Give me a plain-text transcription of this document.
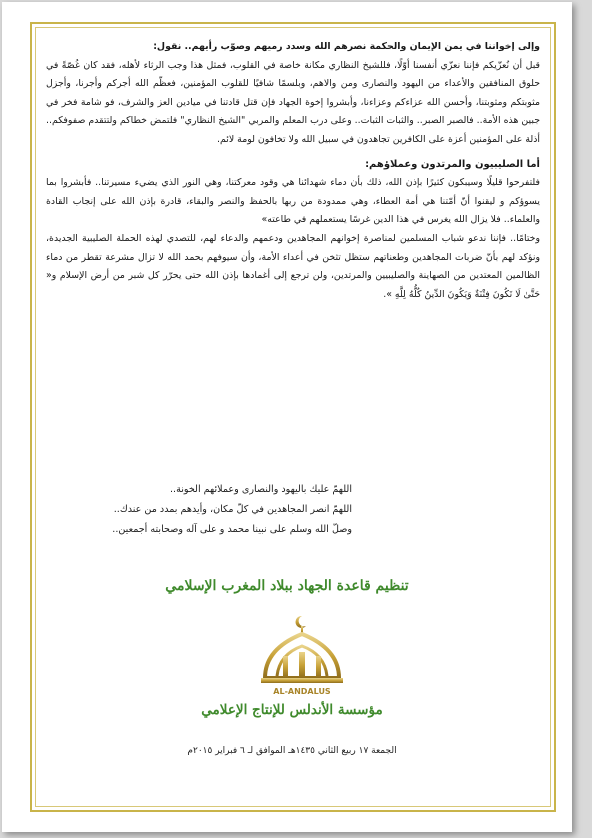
وإلى إخواننا في يمن الإيمان والحكمة نصرهم الله وسدد رميهم وصوّب رأيهم.. نقول:

قبل أن نُعزّيكم فإننا نعزّي أنفسنا أوّلًا، فللشيخ النظاري مكانة خاصة في القلوب، فمثل هذا وجب الرثاء لأهله، فقد كان غُصّةً في حلوق المنافقين والأعداء من اليهود والنصارى ومن والاهم، وبلسمًا شافيًا للقلوب المؤمنين، فعظّم الله أجركم وأجرنا، وأجزل مثوبتكم ومثوبتنا، وأحسن الله عزاءكم وعزاءنا، وأبشروا إخوة الجهاد فإن قتل قادتنا في ميادين العز والشرف، فو شامة فخر في جبين هذه الأمة.. فالصبر الصبر.. والثبات الثبات.. وعلى درب المعلم والمربي "الشيخ النظاري" فلتمض خطاكم ولتتقدم صفوفكم.. أذلة على المؤمنين أعزة على الكافرين تجاهدون في سبيل الله ولا تخافون لومة لائم.

أما الصليبيون والمرتدون وعملاؤهم:

فلتفرحوا قليلًا وسيبكون كثيرًا بإذن الله، ذلك بأن دماء شهدائنا هي وقود معركتنا، وهي النور الذي يضيء مسيرتنا.. فأبشروا بما يسوؤكم و ليقنوا أنّ أمّتنا هي أمة العطاء، وهي ممدودة من ربها بالحفظ والنصر والبقاء، قادرة بإذن الله على إنجاب القادة والعلماء.. فلا يزال الله يغرس في هذا الدين غرسًا يستعملهم في طاعته»

وختامًا.. فإننا ندعو شباب المسلمين لمناصرة إخوانهم المجاهدين ودعمهم والدعاء لهم، للتصدي لهذه الحملة الصليبية الجديدة، ونؤكد لهم بأنّ ضربات المجاهدين وطعناتهم ستظل تثخن في أعداء الأمة، وأن سيوفهم بحمد الله لا تزال مشرعة تقطر من دماء الظالمين المعتدين من الصهاينة والصليبيين والمرتدين، ولن ترجع إلى أغمادها بإذن الله حتى يحرّر كل شبر من أرض الإسلام و« حَتَّىٰ لَا تَكُونَ فِتْنَةٌ وَيَكُونَ الدِّينُ كُلُّهُ لِلَّهِ ».

اللهمّ عليك باليهود والنصارى وعملائهم الخونة..

اللهمّ انصر المجاهدين في كلّ مكان، وأيدهم بمدد من عندك..

وصلّ الله وسلم على نبينا محمد و على آله وصحابته أجمعين..

تنظيم قاعدة الجهاد ببلاد المغرب الإسلامي
AL-ANDALUS
مؤسسة الأندلس للإنتاج الإعلامي
الجمعة ١٧ ربيع الثاني ١٤٣٥هـ الموافق لـ ٦ فبراير ٢٠١٥م
